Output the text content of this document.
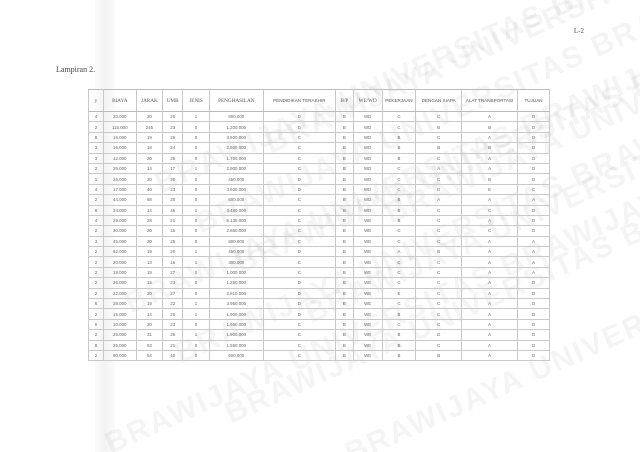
L-2
Lampiran 2.
y	BIAYA	JARAK	UMR	JENIS	PENGHASILAN	PENDIDIKAN TERAKHIR	B/P	WE/WD	PEKERJAAN	DENGAN SIAPA	ALAT TRANSPORTASI	TUJUAN
4	20.000	20	20	1	800.000	D	B	WD	C	C	A	D
2	115.000	245	23	0	1.200.000	D	B	WD	C	B	B	D
8	16.000	19	26	0	3.500.000	C	B	WD	B	C	A	D
3	16.000	18	24	0	2.500.000	C	B	WD	B	B	B	D
3	12.000	20	25	0	1.700.000	C	B	WD	B	C	A	D
2	25.000	14	17	1	2.900.000	C	B	WD	C	A	A	D
1	25.000	20	20	0	450.000	D	B	WD	C	C	B	D
4	17.000	40	23	0	3.600.000	D	B	WD	C	D	E	C
2	44.000	68	20	0	600.000	C	B	WD	B	A	A	A
8	34.000	14	46	1	3.480.000	C	B	WD	B	C	C	D
4	29.000	28	21	0	5.135.000	C	B	WE	B	C	A	D
2	30.000	20	15	0	2.660.000	C	B	WE	C	C	C	D
3	45.000	20	25	0	800.000	C	B	WE	C	C	A	A
2	62.000	19	20	1	450.000	D	B	WE	A	B	A	A
2	20.000	13	16	1	300.000	C	B	WE	C	C	A	A
2	19.000	19	27	0	1.000.000	C	B	WE	C	C	A	A
2	36.000	15	23	0	1.250.000	D	B	WE	C	C	A	D
2	22.000	20	27	0	2.810.000	D	B	WE	E	C	A	D
6	28.000	19	22	1	3.950.000	D	B	WE	C	C	A	D
2	15.000	14	20	1	1.900.000	D	B	WE	B	C	A	D
6	10.000	20	23	0	1.950.000	C	B	WE	C	C	A	D
2	25.000	31	28	1	1.900.000	C	B	WE	B	D	A	D
8	25.000	53	21	0	1.550.000	C	B	WE	B	C	A	D
2	80.000	54	40	0	600.000	C	B	WE	B	B	A	D
